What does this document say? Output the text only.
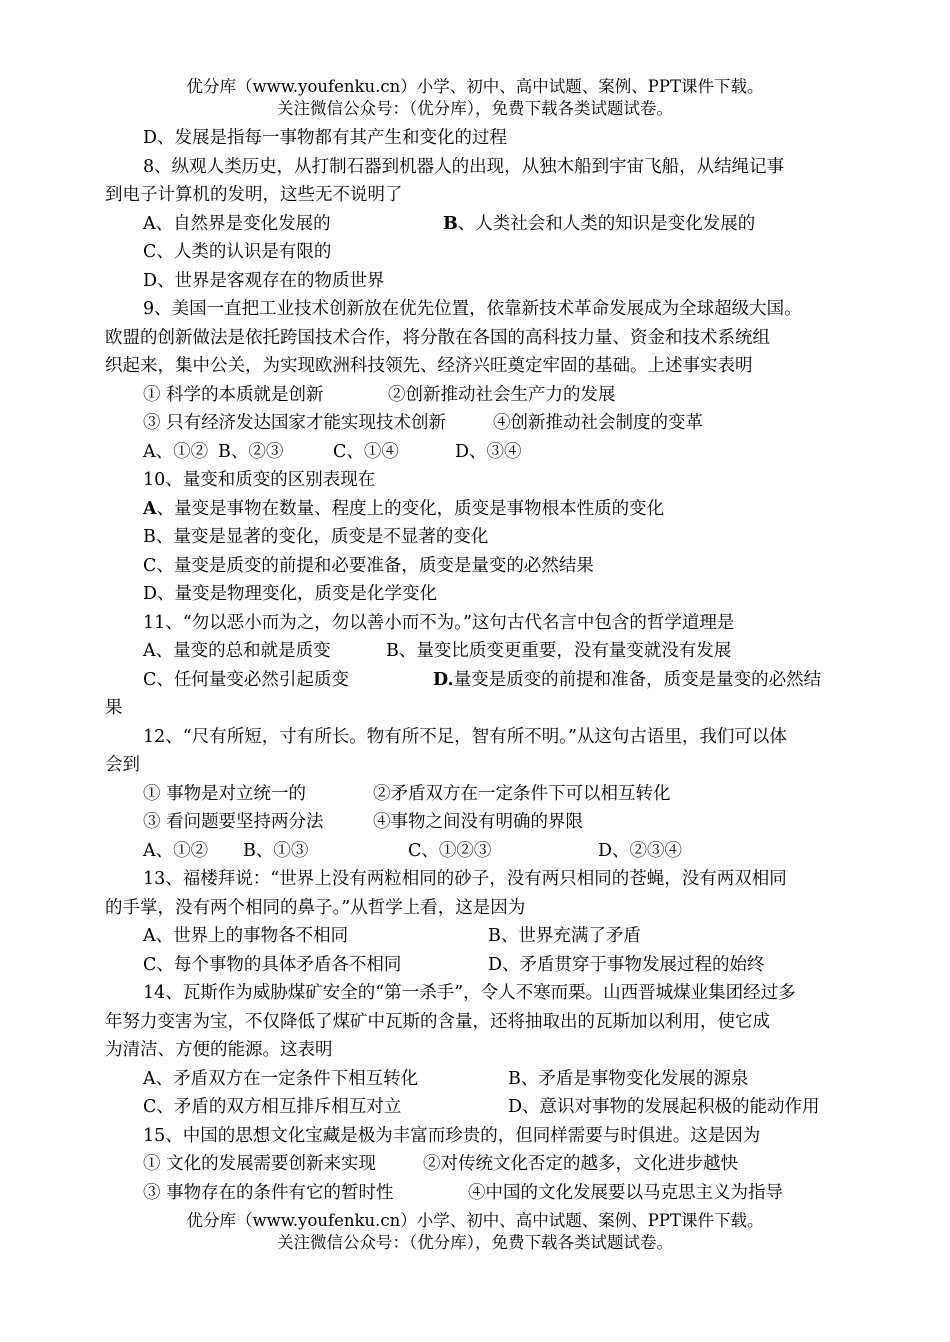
优分库（www.youfenku.cn）小学、初中、高中试题、案例、PPT课件下载。
关注微信公众号：（优分库），免费下载各类试题试卷。
D、发展是指每一事物都有其产生和变化的过程
8、纵观人类历史，从打制石器到机器人的出现，从独木船到宇宙飞船，从结绳记事
到电子计算机的发明，这些无不说明了
A、自然界是变化发展的	B、人类社会和人类的知识是变化发展的
C、人类的认识是有限的
D、世界是客观存在的物质世界
9、美国一直把工业技术创新放在优先位置，依靠新技术革命发展成为全球超级大国。
欧盟的创新做法是依托跨国技术合作，将分散在各国的高科技力量、资金和技术系统组
织起来，集中公关，为实现欧洲科技领先、经济兴旺奠定牢固的基础。上述事实表明
① 科学的本质就是创新	②创新推动社会生产力的发展
③ 只有经济发达国家才能实现技术创新	④创新推动社会制度的变革
A、①② B、②③	C、①④	D、③④
10、量变和质变的区别表现在
A、量变是事物在数量、程度上的变化，质变是事物根本性质的变化
B、量变是显著的变化，质变是不显著的变化
C、量变是质变的前提和必要准备，质变是量变的必然结果
D、量变是物理变化，质变是化学变化
11、“勿以恶小而为之，勿以善小而不为。”这句古代名言中包含的哲学道理是
A、量变的总和就是质变	B、量变比质变更重要，没有量变就没有发展
C、任何量变必然引起质变	D.量变是质变的前提和准备，质变是量变的必然结
果
12、“尺有所短，寸有所长。物有所不足，智有所不明。”从这句古语里，我们可以体
会到
① 事物是对立统一的	②矛盾双方在一定条件下可以相互转化
③ 看问题要坚持两分法	④事物之间没有明确的界限
A、①② B、①③	C、①②③	D、②③④
13、福楼拜说：“世界上没有两粒相同的砂子，没有两只相同的苍蝇，没有两双相同
的手掌，没有两个相同的鼻子。”从哲学上看，这是因为
A、世界上的事物各不相同	B、世界充满了矛盾
C、每个事物的具体矛盾各不相同	D、矛盾贯穿于事物发展过程的始终
14、瓦斯作为威胁煤矿安全的“第一杀手”，令人不寒而栗。山西晋城煤业集团经过多
年努力变害为宝，不仅降低了煤矿中瓦斯的含量，还将抽取出的瓦斯加以利用，使它成
为清洁、方便的能源。这表明
A、矛盾双方在一定条件下相互转化	B、矛盾是事物变化发展的源泉
C、矛盾的双方相互排斥相互对立	D、意识对事物的发展起积极的能动作用
15、中国的思想文化宝藏是极为丰富而珍贵的，但同样需要与时俱进。这是因为
① 文化的发展需要创新来实现	②对传统文化否定的越多，文化进步越快
③ 事物存在的条件有它的暂时性	④中国的文化发展要以马克思主义为指导
优分库（www.youfenku.cn）小学、初中、高中试题、案例、PPT课件下载。
关注微信公众号：（优分库），免费下载各类试题试卷。
